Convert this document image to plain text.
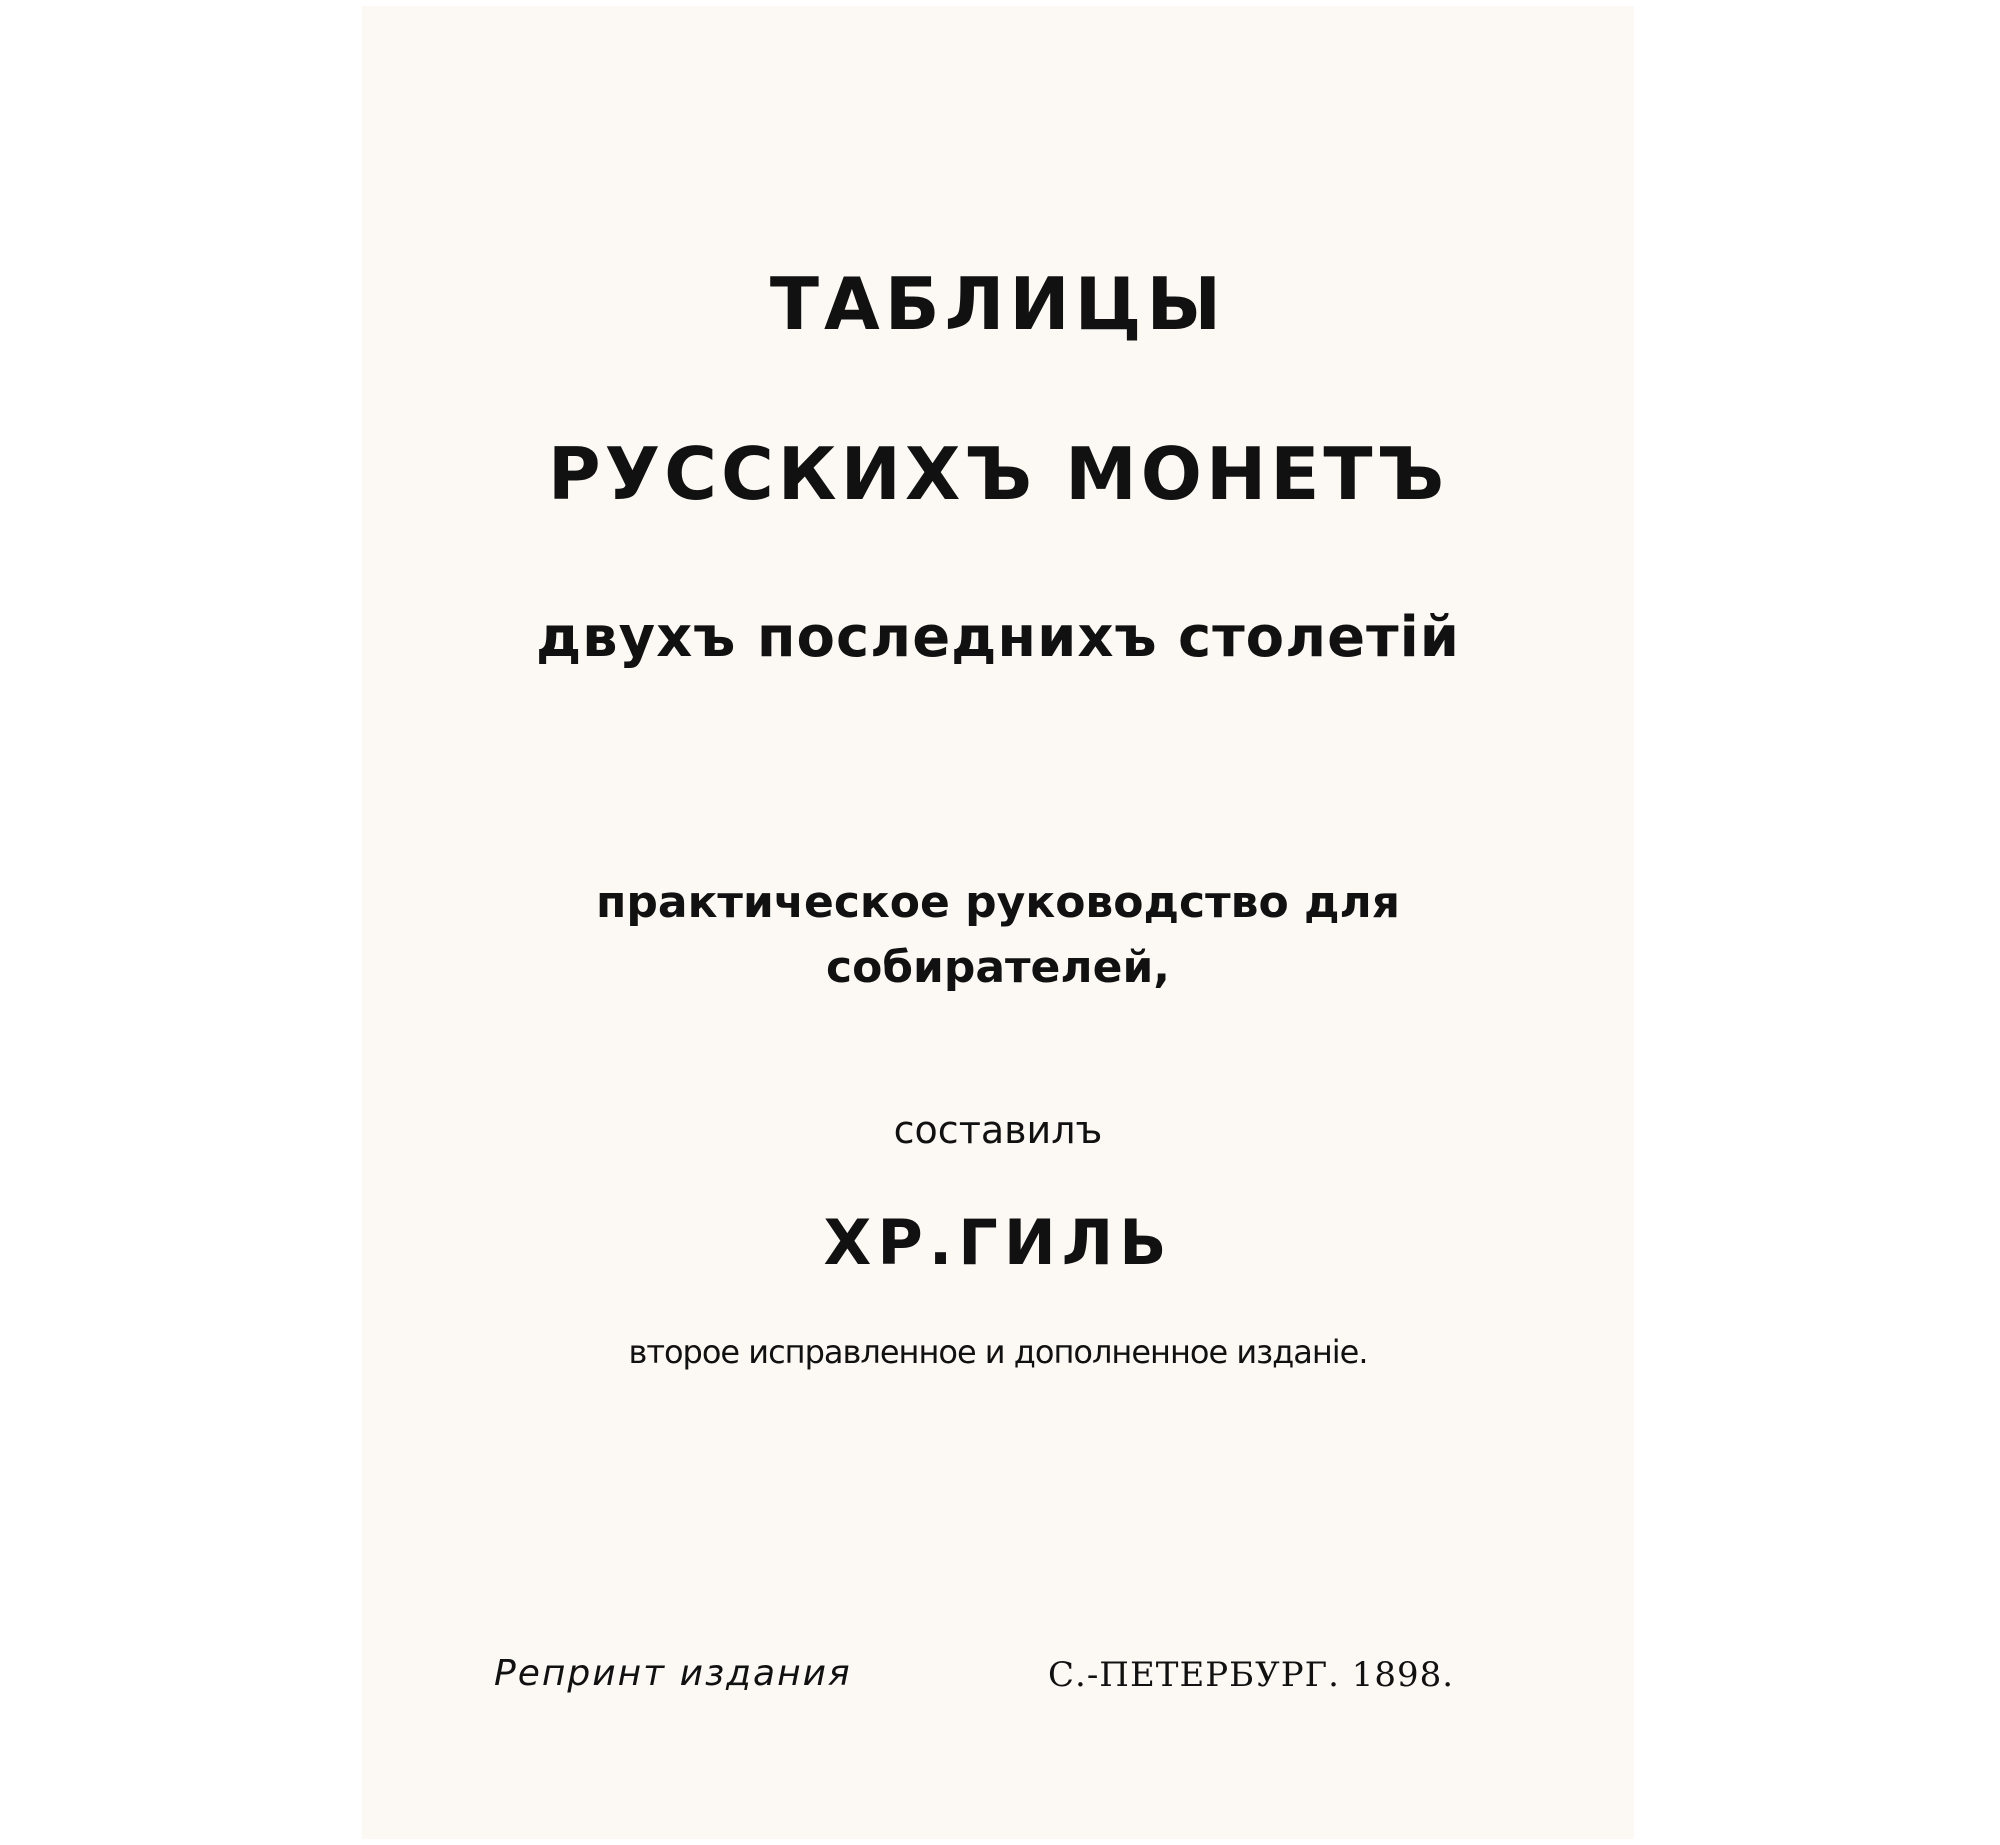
ТАБЛИЦЫ
РУССКИХЪ МОНЕТЪ
двухъ последнихъ столетiй
практическое руководство для
собирателей,
составилъ
ХР.ГИЛЬ
второе исправленное и дополненное изданiе.
Репринт издания	С.-ПЕТЕРБУРГ. 1898.
